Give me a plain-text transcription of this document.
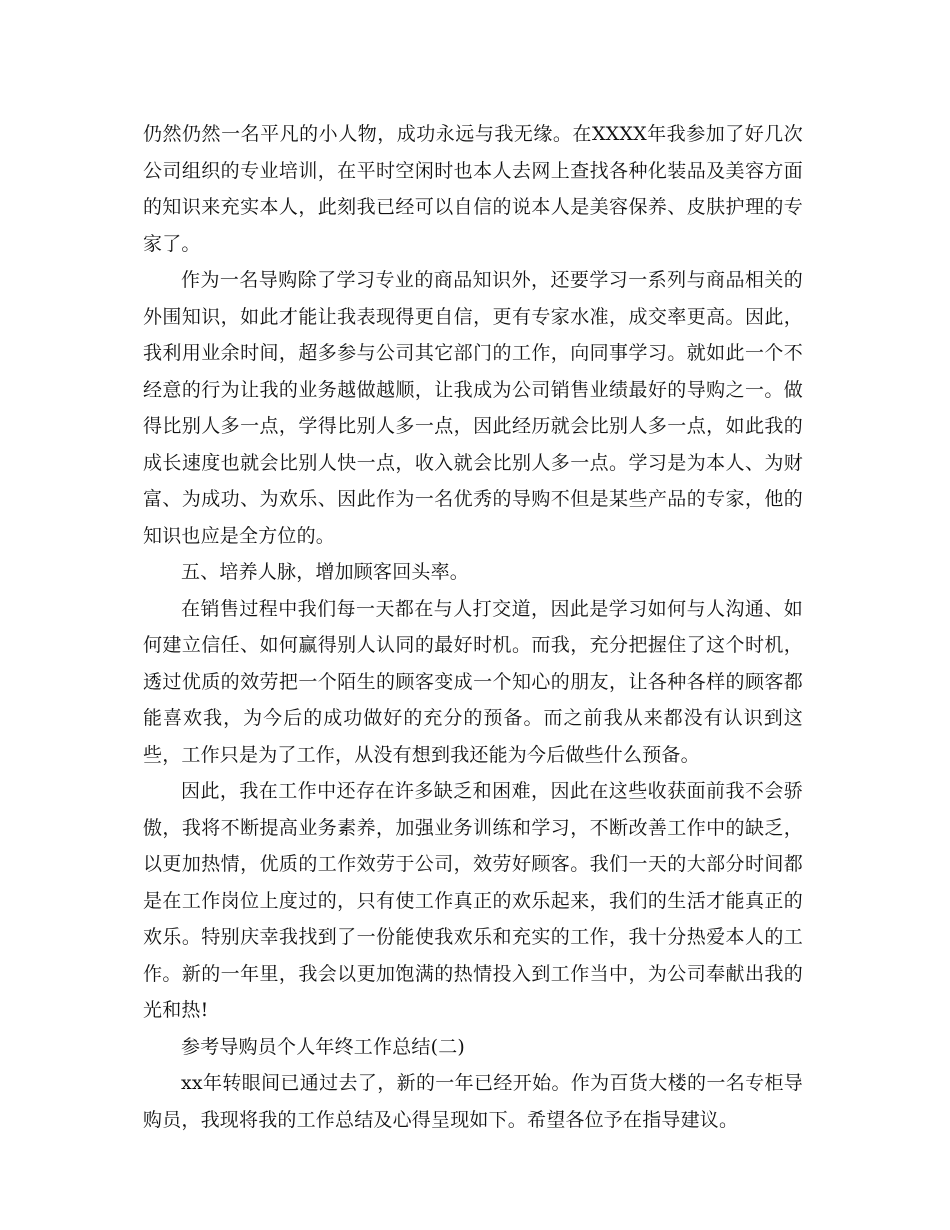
仍然仍然一名平凡的小人物，成功永远与我无缘。在XXXX年我参加了好几次公司组织的专业培训，在平时空闲时也本人去网上查找各种化装品及美容方面的知识来充实本人，此刻我已经可以自信的说本人是美容保养、皮肤护理的专家了。

作为一名导购除了学习专业的商品知识外，还要学习一系列与商品相关的外围知识，如此才能让我表现得更自信，更有专家水准，成交率更高。因此，我利用业余时间，超多参与公司其它部门的工作，向同事学习。就如此一个不经意的行为让我的业务越做越顺，让我成为公司销售业绩最好的导购之一。做得比别人多一点，学得比别人多一点，因此经历就会比别人多一点，如此我的成长速度也就会比别人快一点，收入就会比别人多一点。学习是为本人、为财富、为成功、为欢乐、因此作为一名优秀的导购不但是某些产品的专家，他的知识也应是全方位的。

五、培养人脉，增加顾客回头率。

在销售过程中我们每一天都在与人打交道，因此是学习如何与人沟通、如何建立信任、如何赢得别人认同的最好时机。而我，充分把握住了这个时机，透过优质的效劳把一个陌生的顾客变成一个知心的朋友，让各种各样的顾客都能喜欢我，为今后的成功做好的充分的预备。而之前我从来都没有认识到这些，工作只是为了工作，从没有想到我还能为今后做些什么预备。

因此，我在工作中还存在许多缺乏和困难，因此在这些收获面前我不会骄傲，我将不断提高业务素养，加强业务训练和学习，不断改善工作中的缺乏，以更加热情，优质的工作效劳于公司，效劳好顾客。我们一天的大部分时间都是在工作岗位上度过的，只有使工作真正的欢乐起来，我们的生活才能真正的欢乐。特别庆幸我找到了一份能使我欢乐和充实的工作，我十分热爱本人的工作。新的一年里，我会以更加饱满的热情投入到工作当中，为公司奉献出我的光和热!

参考导购员个人年终工作总结(二)

xx年转眼间已通过去了，新的一年已经开始。作为百货大楼的一名专柜导购员，我现将我的工作总结及心得呈现如下。希望各位予在指导建议。
